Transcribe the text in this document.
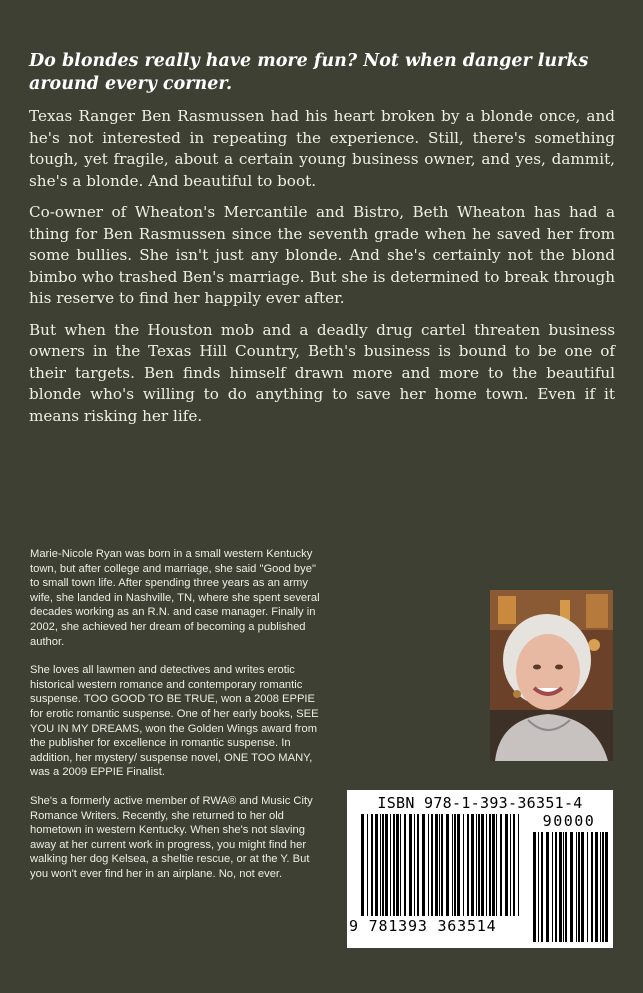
Do blondes really have more fun? Not when danger lurks around every corner.

Texas Ranger Ben Rasmussen had his heart broken by a blonde once, and he's not interested in repeating the experience. Still, there's something tough, yet fragile, about a certain young business owner, and yes, dammit, she's a blonde. And beautiful to boot.

Co-owner of Wheaton's Mercantile and Bistro, Beth Wheaton has had a thing for Ben Rasmussen since the seventh grade when he saved her from some bullies. She isn't just any blonde. And she's certainly not the blond bimbo who trashed Ben's marriage. But she is determined to break through his reserve to find her happily ever after.

But when the Houston mob and a deadly drug cartel threaten business owners in the Texas Hill Country, Beth's business is bound to be one of their targets. Ben finds himself drawn more and more to the beautiful blonde who's willing to do anything to save her home town. Even if it means risking her life.

Marie-Nicole Ryan was born in a small western Kentucky town, but after college and marriage, she said "Good bye" to small town life. After spending three years as an army wife, she landed in Nashville, TN, where she spent several decades working as an R.N. and case manager. Finally in 2002, she achieved her dream of becoming a published author.

She loves all lawmen and detectives and writes erotic historical western romance and contemporary romantic suspense. TOO GOOD TO BE TRUE, won a 2008 EPPIE for erotic romantic suspense. One of her early books, SEE YOU IN MY DREAMS, won the Golden Wings award from the publisher for excellence in romantic suspense. In addition, her mystery/ suspense novel, ONE TOO MANY, was a 2009 EPPIE Finalist.

She's a formerly active member of RWA® and Music City Romance Writers. Recently, she returned to her old hometown in western Kentucky. When she's not slaving away at her current work in progress, you might find her walking her dog Kelsea, a sheltie rescue, or at the Y. But you won't ever find her in an airplane. No, not ever.

ISBN 978-1-393-36351-4
90000
9 781393 363514
